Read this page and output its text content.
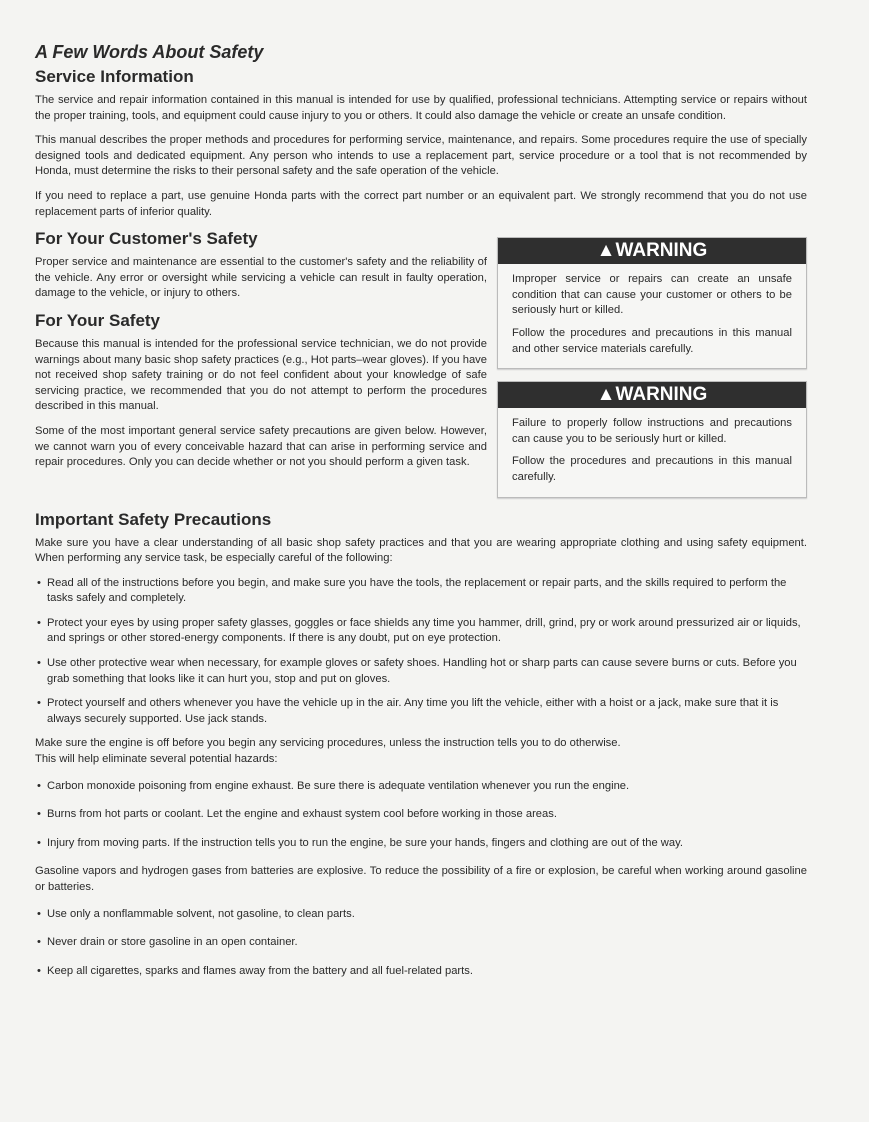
A Few Words About Safety
Service Information

The service and repair information contained in this manual is intended for use by qualified, professional technicians. Attempting service or repairs without the proper training, tools, and equipment could cause injury to you or others. It could also damage the vehicle or create an unsafe condition.

This manual describes the proper methods and procedures for performing service, maintenance, and repairs. Some procedures require the use of specially designed tools and dedicated equipment. Any person who intends to use a replacement part, service procedure or a tool that is not recommended by Honda, must determine the risks to their personal safety and the safe operation of the vehicle.

If you need to replace a part, use genuine Honda parts with the correct part number or an equivalent part. We strongly recommend that you do not use replacement parts of inferior quality.

For Your Customer's Safety

Proper service and maintenance are essential to the customer's safety and the reliability of the vehicle. Any error or oversight while servicing a vehicle can result in faulty operation, damage to the vehicle, or injury to others.

For Your Safety

Because this manual is intended for the professional service technician, we do not provide warnings about many basic shop safety practices (e.g., Hot parts–wear gloves). If you have not received shop safety training or do not feel confident about your knowledge of safe servicing practice, we recommended that you do not attempt to perform the procedures described in this manual.

Some of the most important general service safety precautions are given below. However, we cannot warn you of every conceivable hazard that can arise in performing service and repair procedures. Only you can decide whether or not you should perform a given task.

▲WARNING

Improper service or repairs can create an unsafe condition that can cause your customer or others to be seriously hurt or killed.

Follow the procedures and precautions in this manual and other service materials carefully.

▲WARNING

Failure to properly follow instructions and precautions can cause you to be seriously hurt or killed.

Follow the procedures and precautions in this manual carefully.

Important Safety Precautions

Make sure you have a clear understanding of all basic shop safety practices and that you are wearing appropriate clothing and using safety equipment. When performing any service task, be especially careful of the following:

• Read all of the instructions before you begin, and make sure you have the tools, the replacement or repair parts, and the skills required to perform the tasks safely and completely.
• Protect your eyes by using proper safety glasses, goggles or face shields any time you hammer, drill, grind, pry or work around pressurized air or liquids, and springs or other stored-energy components. If there is any doubt, put on eye protection.
• Use other protective wear when necessary, for example gloves or safety shoes. Handling hot or sharp parts can cause severe burns or cuts. Before you grab something that looks like it can hurt you, stop and put on gloves.
• Protect yourself and others whenever you have the vehicle up in the air. Any time you lift the vehicle, either with a hoist or a jack, make sure that it is always securely supported. Use jack stands.

Make sure the engine is off before you begin any servicing procedures, unless the instruction tells you to do otherwise.
This will help eliminate several potential hazards:

• Carbon monoxide poisoning from engine exhaust. Be sure there is adequate ventilation whenever you run the engine.
• Burns from hot parts or coolant. Let the engine and exhaust system cool before working in those areas.
• Injury from moving parts. If the instruction tells you to run the engine, be sure your hands, fingers and clothing are out of the way.

Gasoline vapors and hydrogen gases from batteries are explosive. To reduce the possibility of a fire or explosion, be careful when working around gasoline or batteries.

• Use only a nonflammable solvent, not gasoline, to clean parts.
• Never drain or store gasoline in an open container.
• Keep all cigarettes, sparks and flames away from the battery and all fuel-related parts.
